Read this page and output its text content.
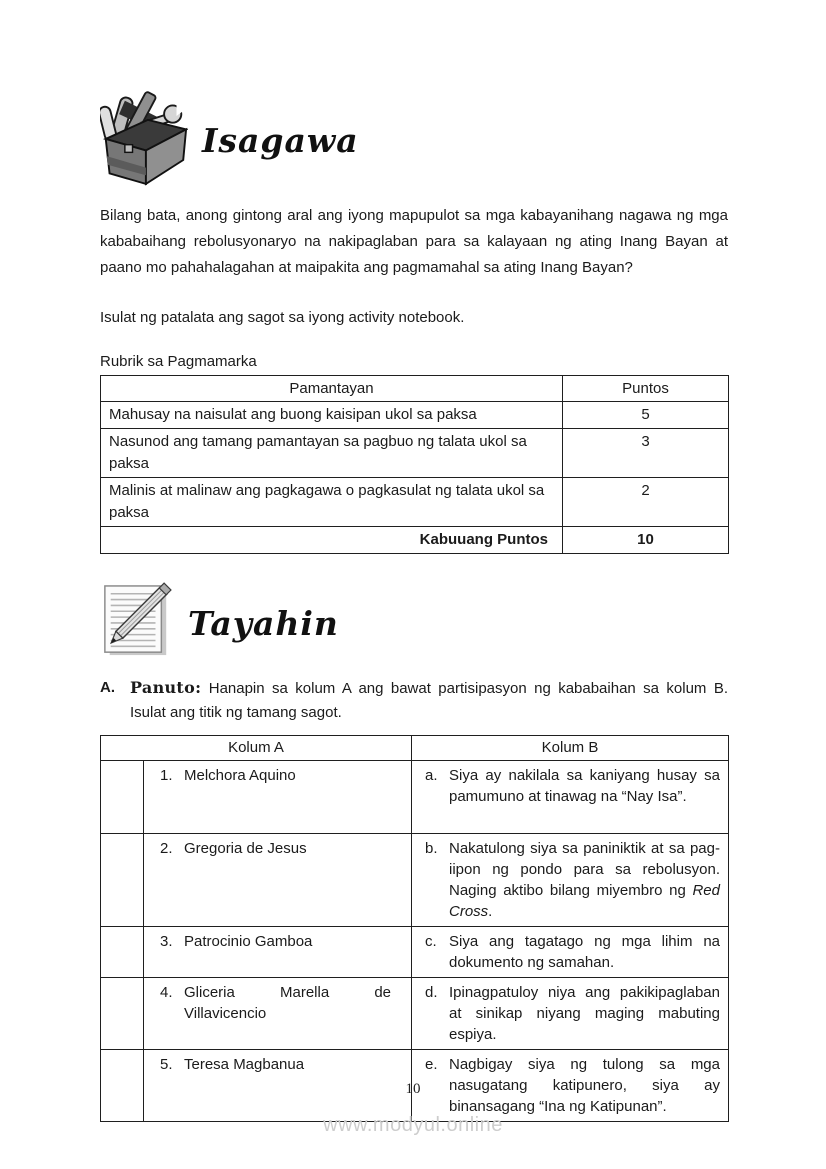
Isagawa

Bilang bata, anong gintong aral ang iyong mapupulot sa mga kabayanihang nagawa ng mga kababaihang rebolusyonaryo na nakipaglaban para sa kalayaan ng ating Inang Bayan at paano mo pahahalagahan at maipakita ang pagmamahal sa ating Inang Bayan?

Isulat ng patalata ang sagot sa iyong activity notebook.

Rubrik sa Pagmamarka
Pamantayan	Puntos
Mahusay na naisulat ang buong kaisipan ukol sa paksa	5
Nasunod ang tamang pamantayan sa pagbuo ng talata ukol sa paksa	3
Malinis at malinaw ang pagkagawa o pagkasulat ng talata ukol sa paksa	2
Kabuuang Puntos	10
Tayahin
A. Panuto: Hanapin sa kolum A ang bawat partisipasyon ng kababaihan sa kolum B. Isulat ang titik ng tamang sagot.
Kolum A		Kolum B

	1. Melchora Aquino	a. Siya ay nakilala sa kaniyang husay sa pamumuno at tinawag na “Nay Isa”.

	2. Gregoria de Jesus	b. Nakatulong siya sa paniniktik at sa pag-iipon ng pondo para sa rebolusyon. Naging aktibo bilang miyembro ng Red Cross.

	3. Patrocinio Gamboa	c. Siya ang tagatago ng mga lihim na dokumento ng samahan.

	4. Gliceria Marella de Villavicencio	d. Ipinagpatuloy niya ang pakikipaglaban at sinikap niyang maging mabuting espiya.

	5. Teresa Magbanua	e. Nagbigay siya ng tulong sa mga nasugatang katipunero, siya ay binansagang “Ina ng Katipunan”.
10
www.modyul.online
